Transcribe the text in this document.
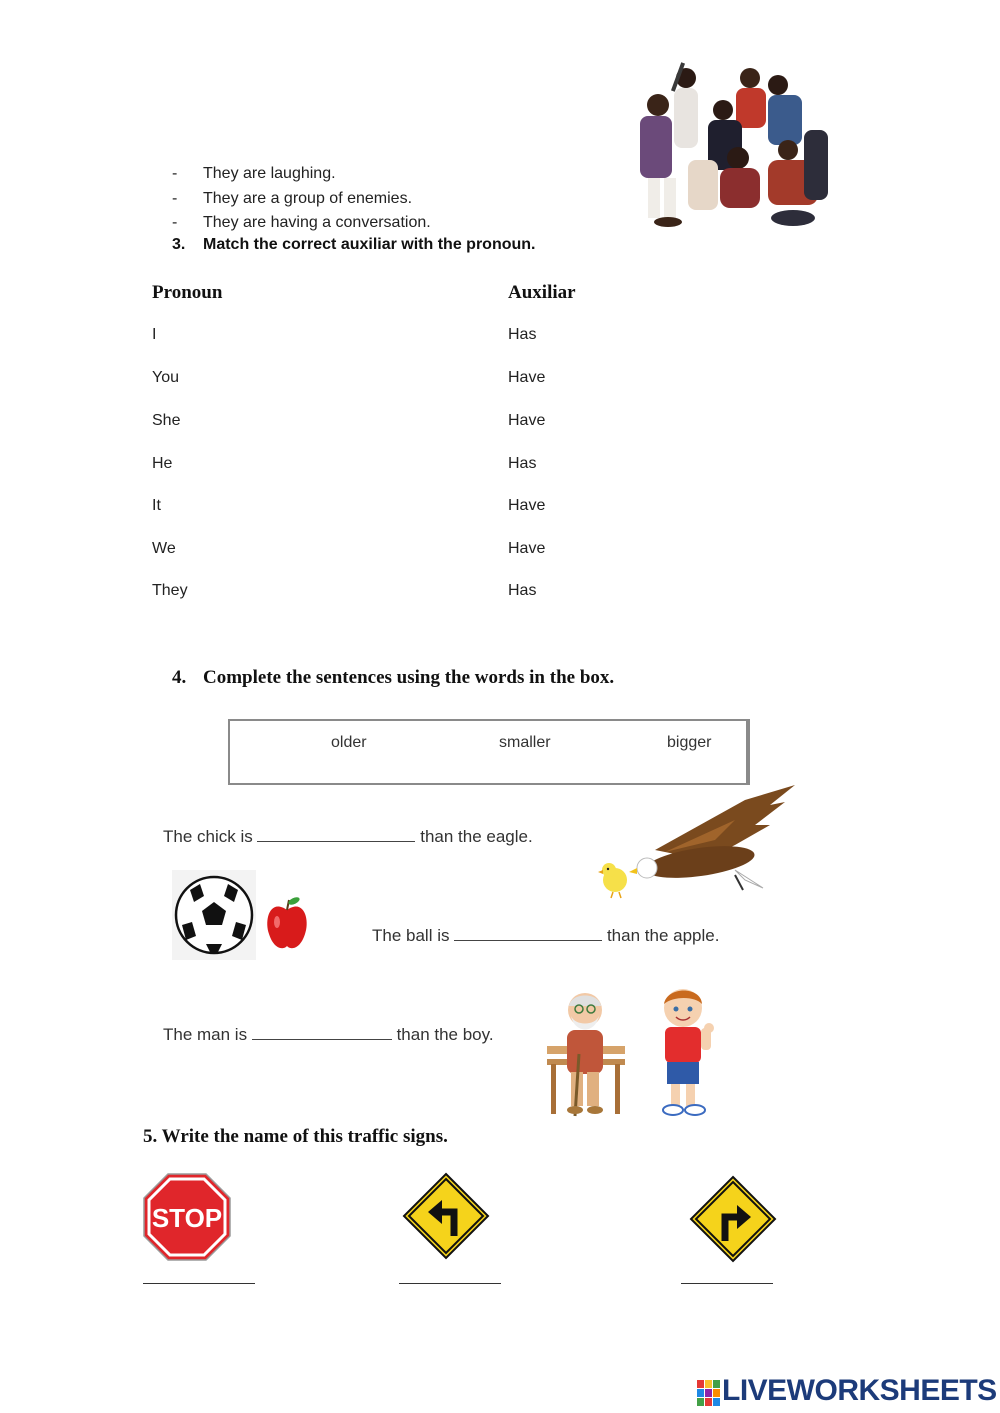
- They are laughing.
- They are a group of enemies.
- They are having a conversation.
3. Match the correct auxiliar with the pronoun.
Pronoun	Auxiliar
I	Has
You	Have
She	Have
He	Has
It	Have
We	Have
They	Has
4. Complete the sentences using the words in the box.
older	smaller	bigger
The chick is	than the eagle.
The ball is	than the apple.
The man is	than the boy.
5. Write the name of this traffic signs.
STOP
LIVEWORKSHEETS
